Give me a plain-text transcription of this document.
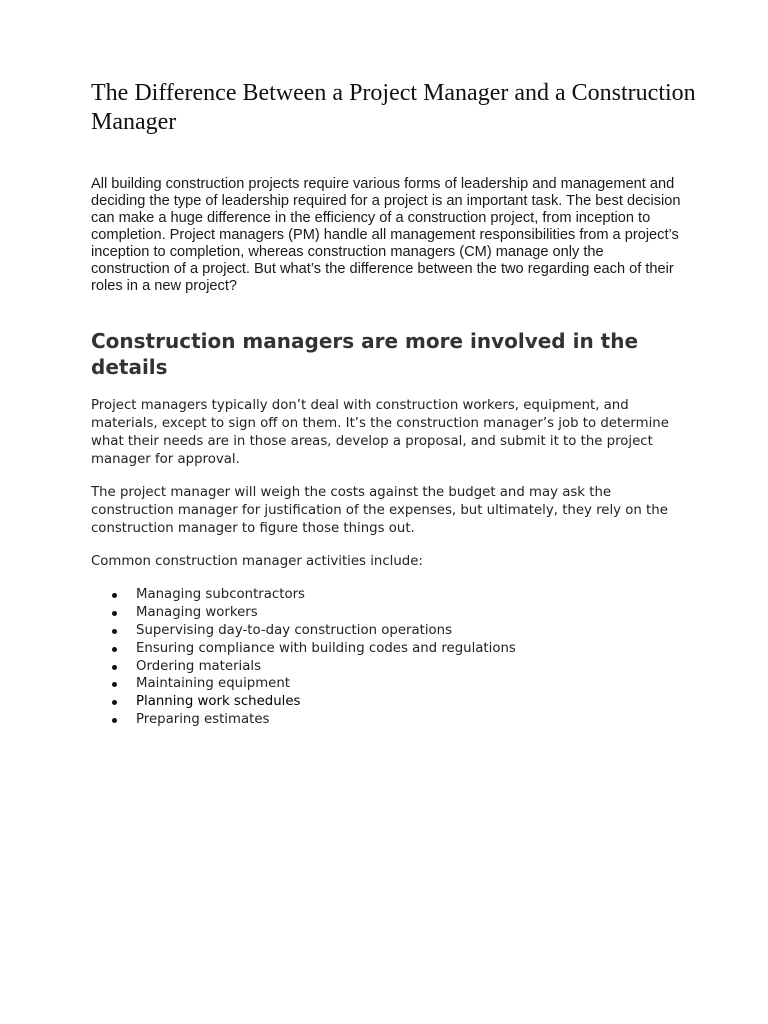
The Difference Between a Project Manager and a Construction Manager

All building construction projects require various forms of leadership and management and deciding the type of leadership required for a project is an important task. The best decision can make a huge difference in the efficiency of a construction project, from inception to completion. Project managers (PM) handle all management responsibilities from a project’s inception to completion, whereas construction managers (CM) manage only the construction of a project. But what’s the difference between the two regarding each of their roles in a new project?

Construction managers are more involved in the details

Project managers typically don’t deal with construction workers, equipment, and materials, except to sign off on them. It’s the construction manager’s job to determine what their needs are in those areas, develop a proposal, and submit it to the project manager for approval.

The project manager will weigh the costs against the budget and may ask the construction manager for justification of the expenses, but ultimately, they rely on the construction manager to figure those things out.

Common construction manager activities include:

Managing subcontractors
Managing workers
Supervising day-to-day construction operations
Ensuring compliance with building codes and regulations
Ordering materials
Maintaining equipment
Planning work schedules
Preparing estimates
